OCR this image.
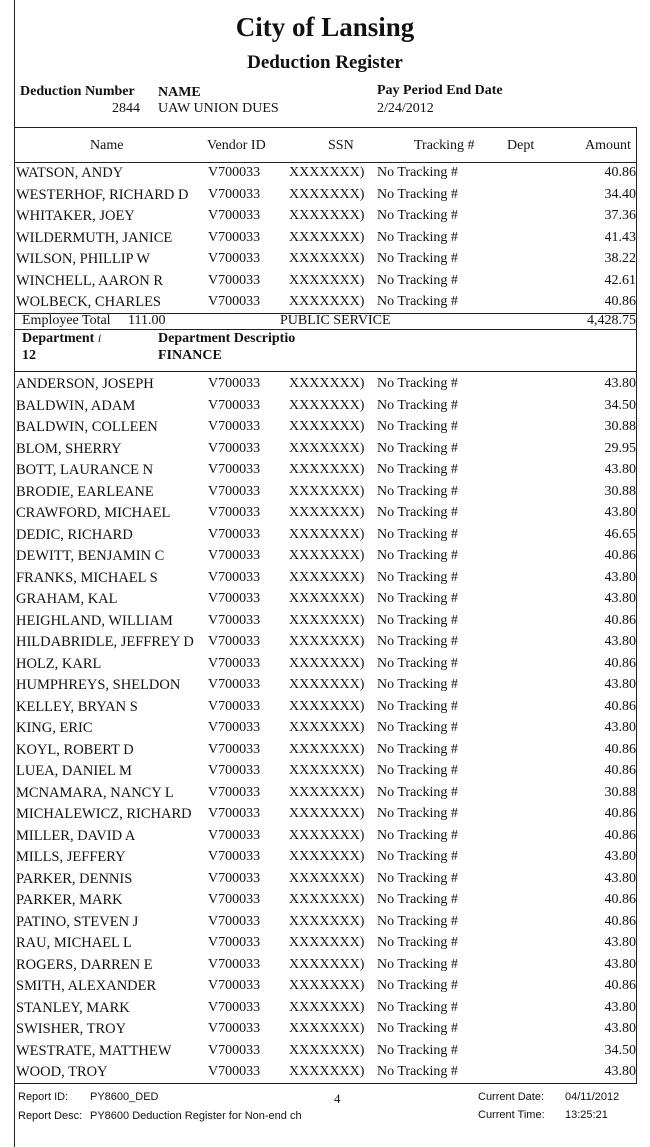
City of Lansing
Deduction Register
Deduction Number
2844
NAME
UAW UNION DUES
Pay Period End Date
2/24/2012
Name	Vendor ID	SSN	Tracking # Dept	Amount
WATSON, ANDY	V700033 XXXXXXX) No Tracking #	40.86
WESTERHOF, RICHARD D V700033 XXXXXXX) No Tracking #	34.40
WHITAKER, JOEY	V700033 XXXXXXX) No Tracking #	37.36
WILDERMUTH, JANICE	V700033 XXXXXXX) No Tracking #	41.43
WILSON, PHILLIP W	V700033 XXXXXXX) No Tracking #	38.22
WINCHELL, AARON R	V700033 XXXXXXX) No Tracking #	42.61
WOLBECK, CHARLES	V700033 XXXXXXX) No Tracking #	40.86
Employee Total 111.00	PUBLIC SERVICE	4,428.75
Department i
12
Department Descriptio
FINANCE
ANDERSON, JOSEPH	V700033 XXXXXXX) No Tracking #	43.80
BALDWIN, ADAM	V700033 XXXXXXX) No Tracking #	34.50
BALDWIN, COLLEEN	V700033 XXXXXXX) No Tracking #	30.88
BLOM, SHERRY	V700033 XXXXXXX) No Tracking #	29.95
BOTT, LAURANCE N	V700033 XXXXXXX) No Tracking #	43.80
BRODIE, EARLEANE	V700033 XXXXXXX) No Tracking #	30.88
CRAWFORD, MICHAEL	V700033 XXXXXXX) No Tracking #	43.80
DEDIC, RICHARD	V700033 XXXXXXX) No Tracking #	46.65
DEWITT, BENJAMIN C	V700033 XXXXXXX) No Tracking #	40.86
FRANKS, MICHAEL S	V700033 XXXXXXX) No Tracking #	43.80
GRAHAM, KAL	V700033 XXXXXXX) No Tracking #	43.80
HEIGHLAND, WILLIAM	V700033 XXXXXXX) No Tracking #	40.86
HILDABRIDLE, JEFFREY D V700033 XXXXXXX) No Tracking #	43.80
HOLZ, KARL	V700033 XXXXXXX) No Tracking #	40.86
HUMPHREYS, SHELDON V700033 XXXXXXX) No Tracking #	43.80
KELLEY, BRYAN S	V700033 XXXXXXX) No Tracking #	40.86
KING, ERIC	V700033 XXXXXXX) No Tracking #	43.80
KOYL, ROBERT D	V700033 XXXXXXX) No Tracking #	40.86
LUEA, DANIEL M	V700033 XXXXXXX) No Tracking #	40.86
MCNAMARA, NANCY L V700033 XXXXXXX) No Tracking #	30.88
MICHALEWICZ, RICHARD V700033 XXXXXXX) No Tracking #	40.86
MILLER, DAVID A	V700033 XXXXXXX) No Tracking #	40.86
MILLS, JEFFERY	V700033 XXXXXXX) No Tracking #	43.80
PARKER, DENNIS	V700033 XXXXXXX) No Tracking #	43.80
PARKER, MARK	V700033 XXXXXXX) No Tracking #	40.86
PATINO, STEVEN J	V700033 XXXXXXX) No Tracking #	40.86
RAU, MICHAEL L	V700033 XXXXXXX) No Tracking #	43.80
ROGERS, DARREN E	V700033 XXXXXXX) No Tracking #	43.80
SMITH, ALEXANDER	V700033 XXXXXXX) No Tracking #	40.86
STANLEY, MARK	V700033 XXXXXXX) No Tracking #	43.80
SWISHER, TROY	V700033 XXXXXXX) No Tracking #	43.80
WESTRATE, MATTHEW	V700033 XXXXXXX) No Tracking #	34.50
WOOD, TROY	V700033 XXXXXXX) No Tracking #	43.80
Report ID: PY8600_DED
Report Desc: PY8600 Deduction Register for Non-end ch
4	Current Date: 04/11/2012
Current Time: 13:25:21
